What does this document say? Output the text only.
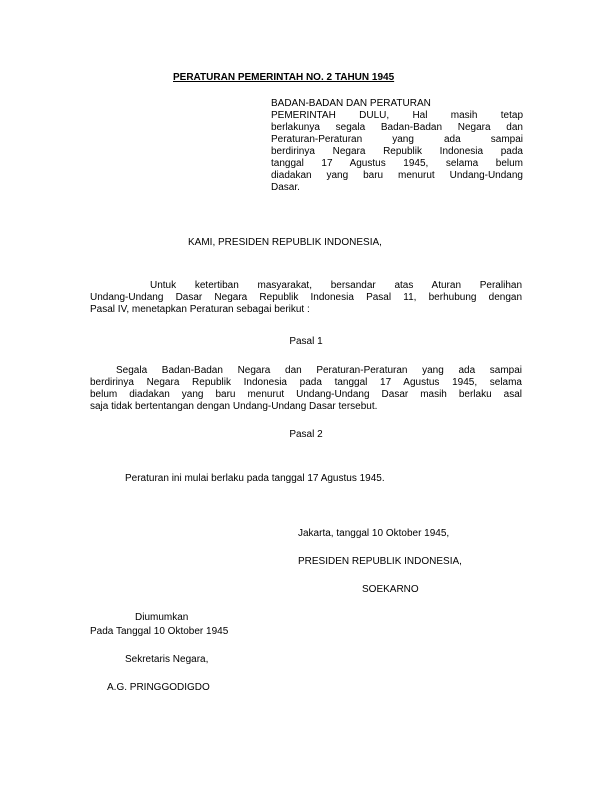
PERATURAN PEMERINTAH NO. 2 TAHUN 1945
BADAN-BADAN DAN PERATURAN
PEMERINTAH DULU, Hal masih tetap
berlakunya segala Badan-Badan Negara dan
Peraturan-Peraturan yang ada sampai
berdirinya Negara Republik Indonesia pada
tanggal 17 Agustus 1945, selama belum
diadakan yang baru menurut Undang-Undang
Dasar.
KAMI, PRESIDEN REPUBLIK INDONESIA,
Untuk ketertiban masyarakat, bersandar atas Aturan Peralihan
Undang-Undang Dasar Negara Republik Indonesia Pasal 11, berhubung dengan
Pasal IV, menetapkan Peraturan sebagai berikut :
Pasal 1
Segala Badan-Badan Negara dan Peraturan-Peraturan yang ada sampai
berdirinya Negara Republik Indonesia pada tanggal 17 Agustus 1945, selama
belum diadakan yang baru menurut Undang-Undang Dasar masih berlaku asal
saja tidak bertentangan dengan Undang-Undang Dasar tersebut.
Pasal 2
Peraturan ini mulai berlaku pada tanggal 17 Agustus 1945.
Jakarta, tanggal 10 Oktober 1945,
PRESIDEN REPUBLIK INDONESIA,
SOEKARNO
Diumumkan
Pada Tanggal 10 Oktober 1945
Sekretaris Negara,
A.G. PRINGGODIGDO
